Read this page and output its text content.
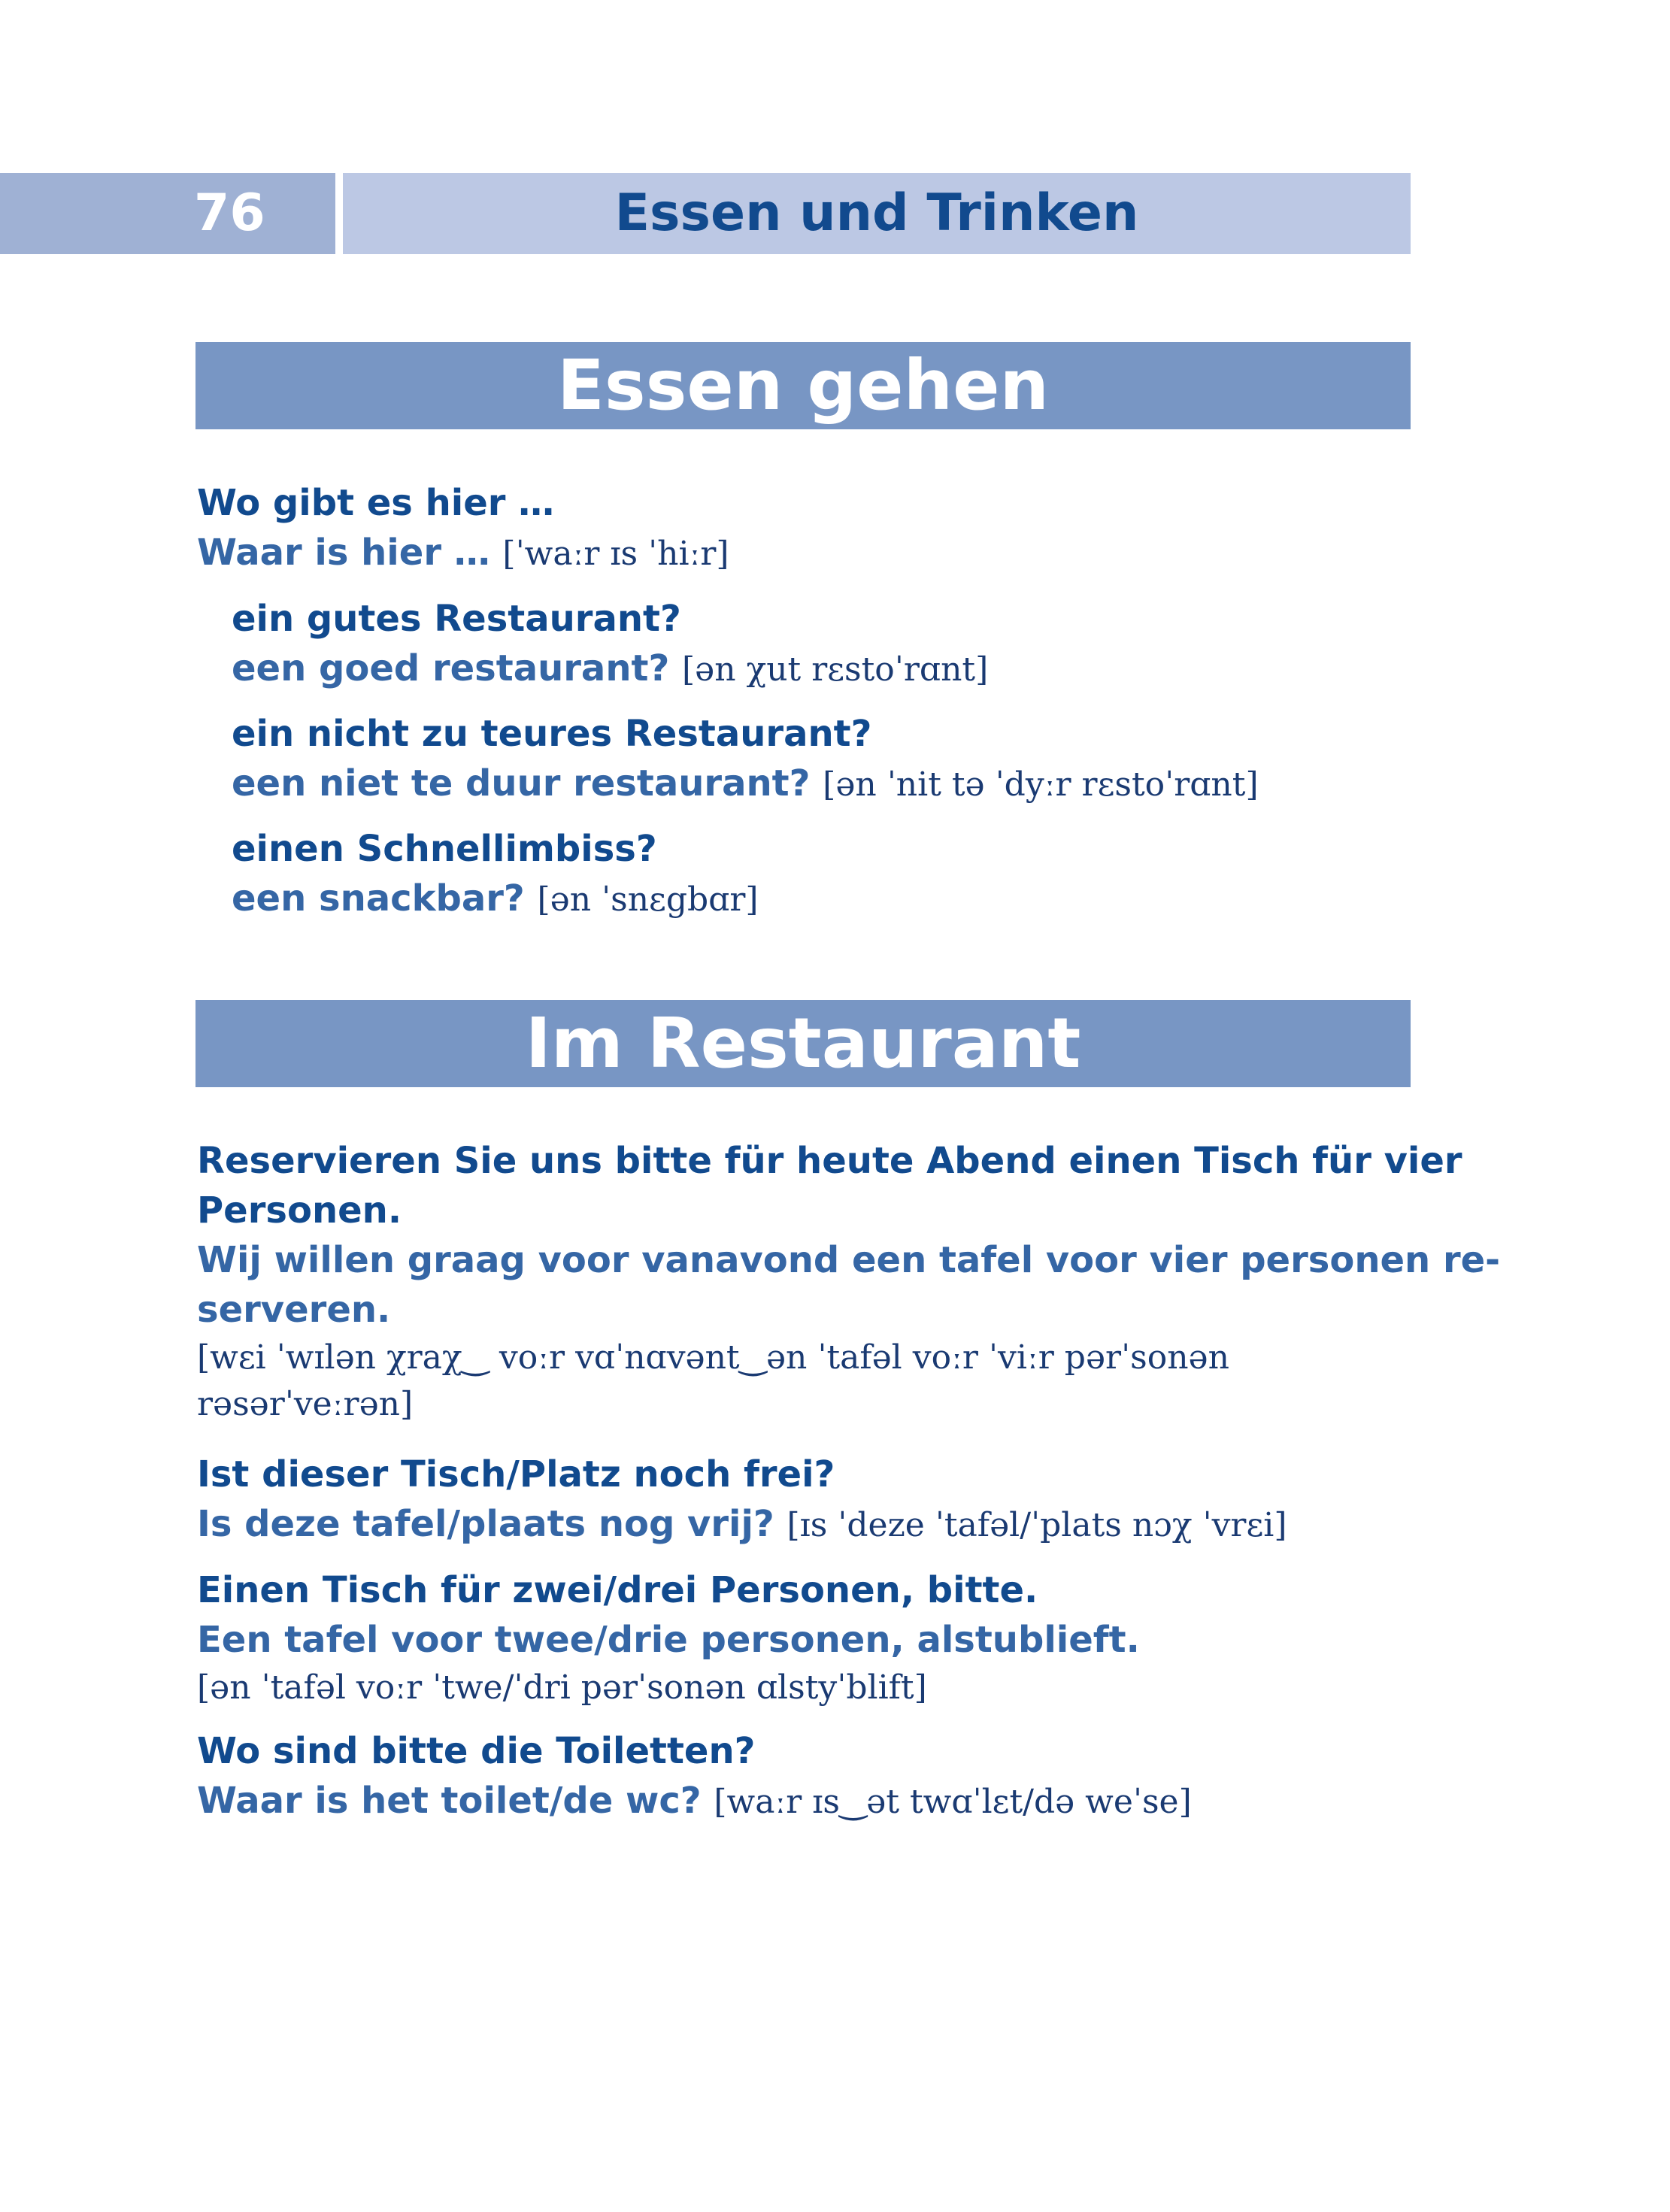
76	Essen und Trinken
Essen gehen
Wo gibt es hier …
Waar is hier … [ˈwaːr ɪs ˈhiːr]
ein gutes Restaurant?
een goed restaurant? [ən χut rɛstoˈrɑnt]
ein nicht zu teures Restaurant?
een niet te duur restaurant? [ən ˈnit tə ˈdyːr rɛstoˈrɑnt]
einen Schnellimbiss?
een snackbar? [ən ˈsnɛgbɑr]
Im Restaurant
Reservieren Sie uns bitte für heute Abend einen Tisch für vier
Personen.
Wij willen graag voor vanavond een tafel voor vier personen re-
serveren.
[wɛi ˈwɪlən χraχ‿ voːr vɑˈnɑvənt‿ən ˈtafəl voːr ˈviːr pərˈsonən
rəsərˈveːrən]
Ist dieser Tisch/Platz noch frei?
Is deze tafel/plaats nog vrij? [ɪs ˈdeze ˈtafəl/ˈplats nɔχ ˈvrɛi]
Einen Tisch für zwei/drei Personen, bitte.
Een tafel voor twee/drie personen, alstublieft.
[ən ˈtafəl voːr ˈtwe/ˈdri pərˈsonən ɑlstyˈblift]
Wo sind bitte die Toiletten?
Waar is het toilet/de wc? [waːr ɪs‿ət twɑˈlɛt/də weˈse]
